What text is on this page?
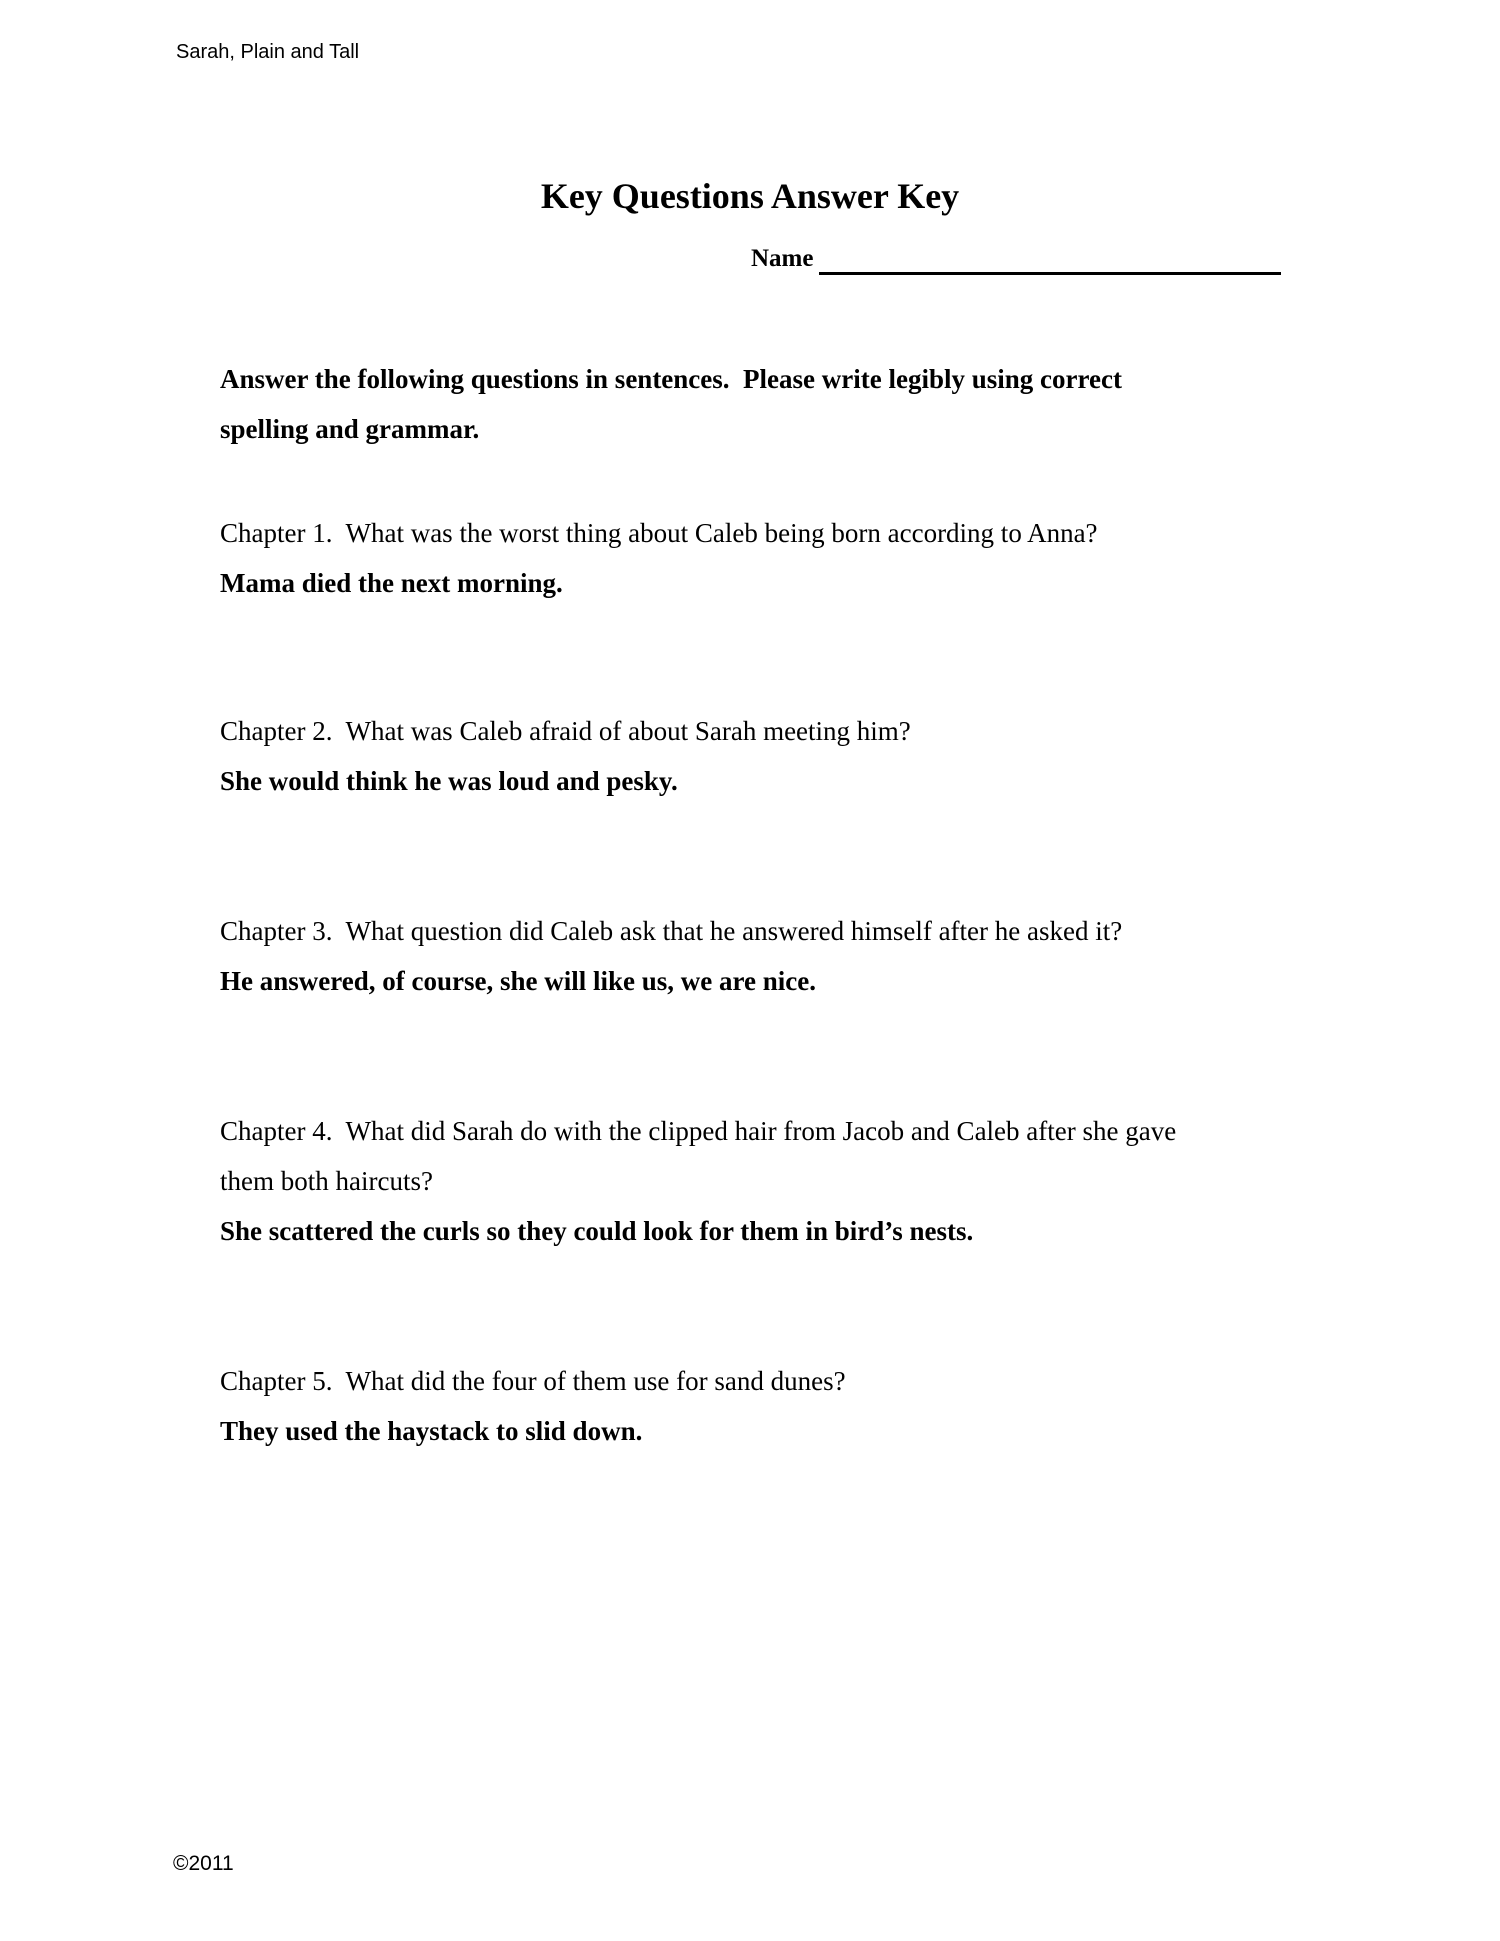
Sarah, Plain and Tall
Key Questions Answer Key
Name
Answer the following questions in sentences.  Please write legibly using correct
spelling and grammar.
Chapter 1.  What was the worst thing about Caleb being born according to Anna?
Mama died the next morning.
Chapter 2.  What was Caleb afraid of about Sarah meeting him?
She would think he was loud and pesky.
Chapter 3.  What question did Caleb ask that he answered himself after he asked it?
He answered, of course, she will like us, we are nice.
Chapter 4.  What did Sarah do with the clipped hair from Jacob and Caleb after she gave
them both haircuts?
She scattered the curls so they could look for them in bird’s nests.
Chapter 5.  What did the four of them use for sand dunes?
They used the haystack to slid down.
©2011
